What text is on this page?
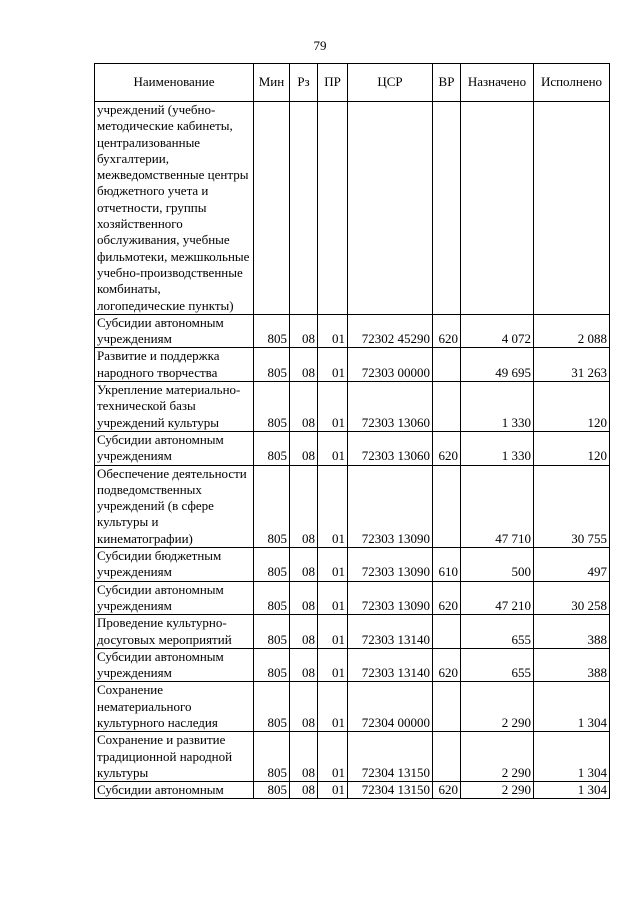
79
Наименование	Мин	Рз	ПР	ЦСР	ВР	Назначено	Исполнено
учреждений (учебно-методические кабинеты, централизованные бухгалтерии, межведомственные центры бюджетного учета и отчетности, группы хозяйственного обслуживания, учебные фильмотеки, межшкольные учебно-производственные комбинаты, логопедические пункты)							
Субсидии автономным учреждениям	805	08	01	72302 45290	620	4 072	2 088
Развитие и поддержка народного творчества	805	08	01	72303 00000		49 695	31 263
Укрепление материально-технической базы учреждений культуры	805	08	01	72303 13060		1 330	120
Субсидии автономным учреждениям	805	08	01	72303 13060	620	1 330	120
Обеспечение деятельности подведомственных учреждений (в сфере культуры и кинематографии)	805	08	01	72303 13090		47 710	30 755
Субсидии бюджетным учреждениям	805	08	01	72303 13090	610	500	497
Субсидии автономным учреждениям	805	08	01	72303 13090	620	47 210	30 258
Проведение культурно-досуговых мероприятий	805	08	01	72303 13140		655	388
Субсидии автономным учреждениям	805	08	01	72303 13140	620	655	388
Сохранение нематериального культурного наследия	805	08	01	72304 00000		2 290	1 304
Сохранение и развитие традиционной народной культуры	805	08	01	72304 13150		2 290	1 304
Субсидии автономным	805	08	01	72304 13150	620	2 290	1 304
